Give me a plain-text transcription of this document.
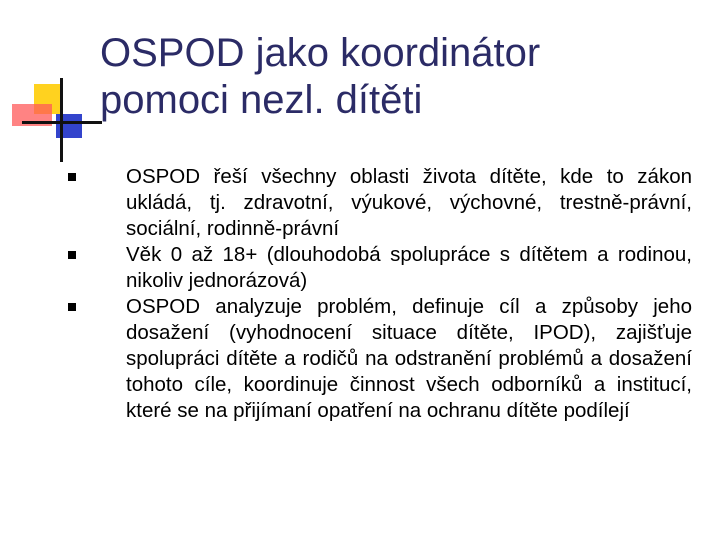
OSPOD jako koordinátor
pomoci nezl. dítěti
OSPOD řeší všechny oblasti života dítěte, kde to zákon ukládá, tj. zdravotní, výukové, výchovné, trestně-právní, sociální, rodinně-právní
Věk 0 až 18+ (dlouhodobá spolupráce s dítětem a rodinou, nikoliv jednorázová)
OSPOD analyzuje problém, definuje cíl a způsoby jeho dosažení (vyhodnocení situace dítěte, IPOD), zajišťuje spolupráci dítěte a rodičů na odstranění problémů a dosažení tohoto cíle, koordinuje činnost všech odborníků a institucí, které se na přijímaní opatření na ochranu dítěte podílejí
